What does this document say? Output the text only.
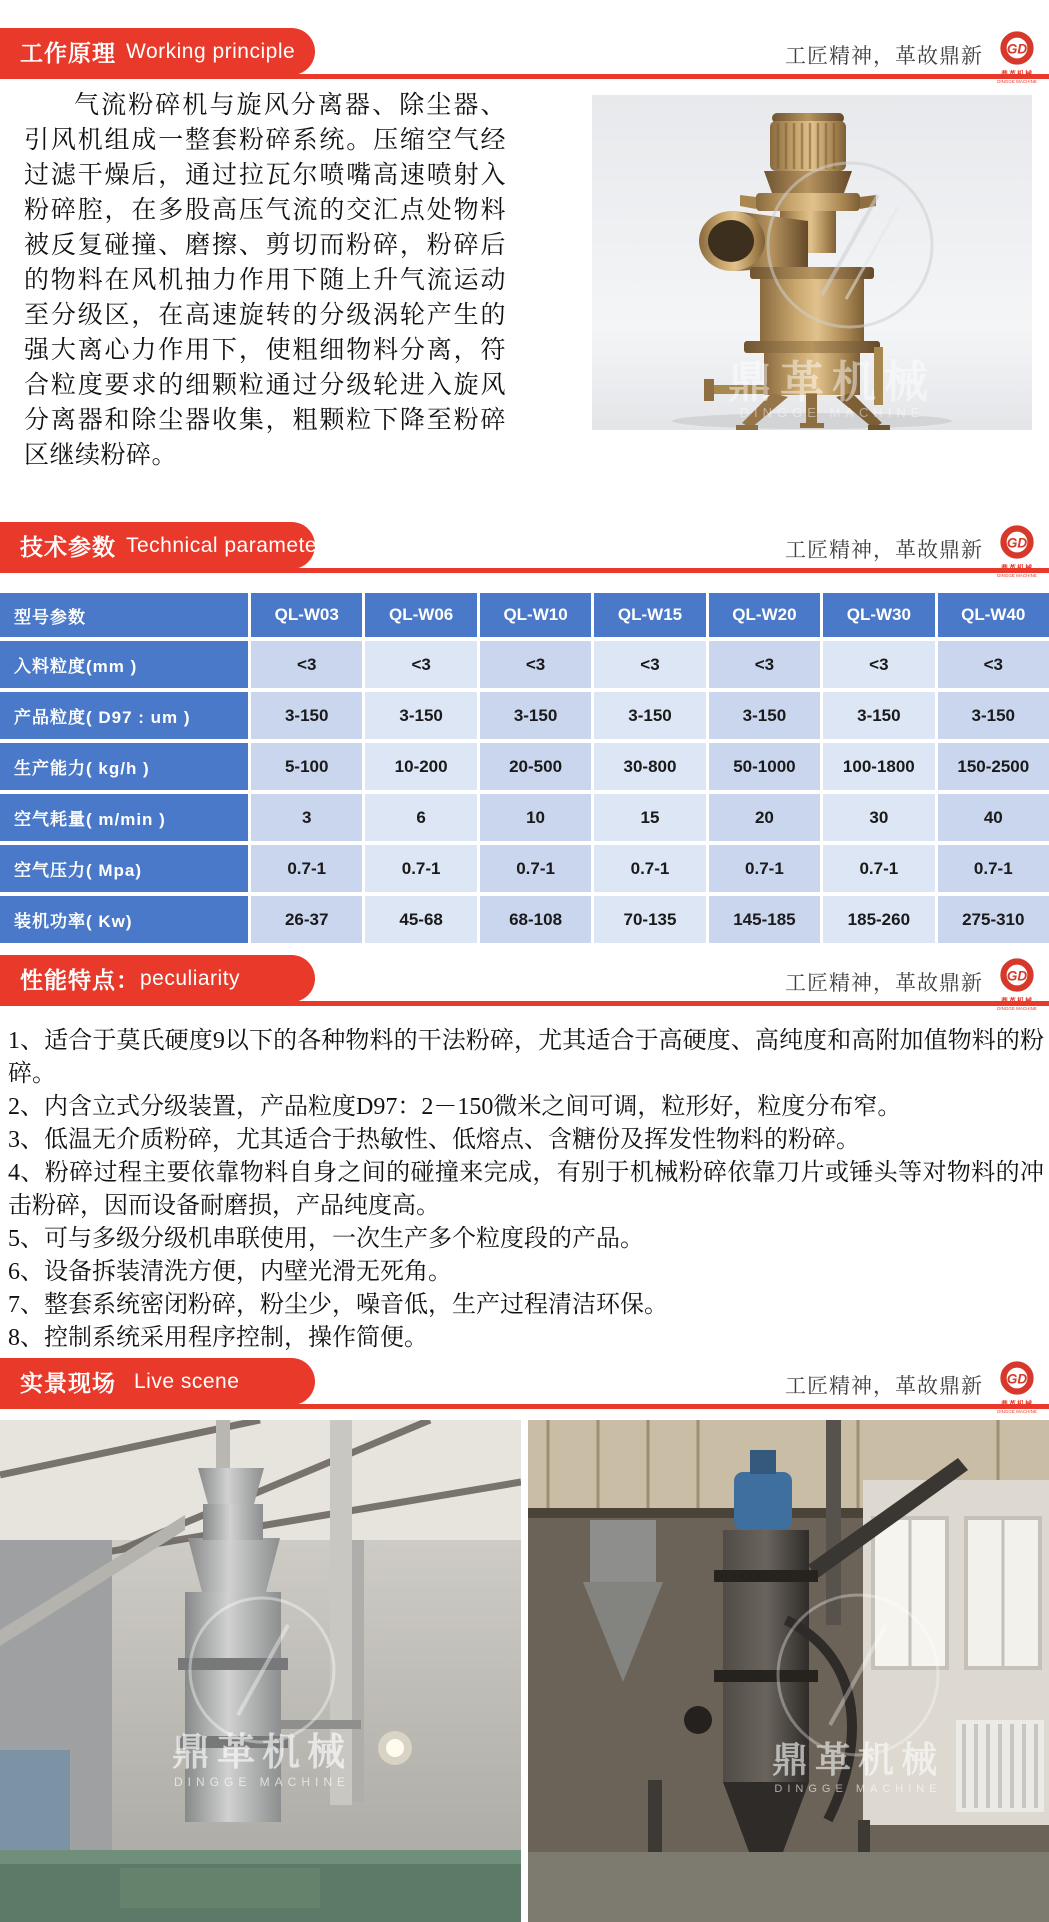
工作原理 Working principle	工匠精神，革故鼎新 GD
鼎革机械
DINGGE MACHINE
气流粉碎机与旋风分离器、除尘器、引风机组成一整套粉碎系统。压缩空气经过滤干燥后，通过拉瓦尔喷嘴高速喷射入粉碎腔，在多股高压气流的交汇点处物料被反复碰撞、磨擦、剪切而粉碎，粉碎后的物料在风机抽力作用下随上升气流运动至分级区，在高速旋转的分级涡轮产生的强大离心力作用下，使粗细物料分离，符合粒度要求的细颗粒通过分级轮进入旋风分离器和除尘器收集，粗颗粒下降至粉碎区继续粉碎。
鼎革机械
DINGGE MACHINE
技术参数 Technical parameter	工匠精神，革故鼎新 GD
鼎革机械
DINGGE MACHINE
型号参数	QL-W03	QL-W06	QL-W10	QL-W15	QL-W20	QL-W30	QL-W40
入料粒度(mm )	<3	<3	<3	<3	<3	<3	<3
产品粒度( D97 : um )	3-150	3-150	3-150	3-150	3-150	3-150	3-150
生产能力( kg/h )	5-100	10-200	20-500	30-800	50-1000	100-1800	150-2500
空气耗量( m/min )	3	6	10	15	20	30	40
空气压力( Mpa)	0.7-1	0.7-1	0.7-1	0.7-1	0.7-1	0.7-1	0.7-1
装机功率( Kw)	26-37	45-68	68-108	70-135	145-185	185-260	275-310
性能特点： peculiarity	工匠精神，革故鼎新 GD
鼎革机械
DINGGE MACHINE
1、适合于莫氏硬度9以下的各种物料的干法粉碎，尤其适合于高硬度、高纯度和高附加值物料的粉碎。
2、内含立式分级装置，产品粒度D97：2－150微米之间可调，粒形好，粒度分布窄。
3、低温无介质粉碎，尤其适合于热敏性、低熔点、含糖份及挥发性物料的粉碎。
4、粉碎过程主要依靠物料自身之间的碰撞来完成，有别于机械粉碎依靠刀片或锤头等对物料的冲击粉碎，因而设备耐磨损，产品纯度高。
5、可与多级分级机串联使用，一次生产多个粒度段的产品。
6、设备拆装清洗方便，内壁光滑无死角。
7、整套系统密闭粉碎，粉尘少，噪音低，生产过程清洁环保。
8、控制系统采用程序控制，操作简便。
实景现场 Live scene	工匠精神，革故鼎新 GD
鼎革机械
DINGGE MACHINE
鼎革机械
DINGGE MACHINE
鼎革机械
DINGGE MACHINE
